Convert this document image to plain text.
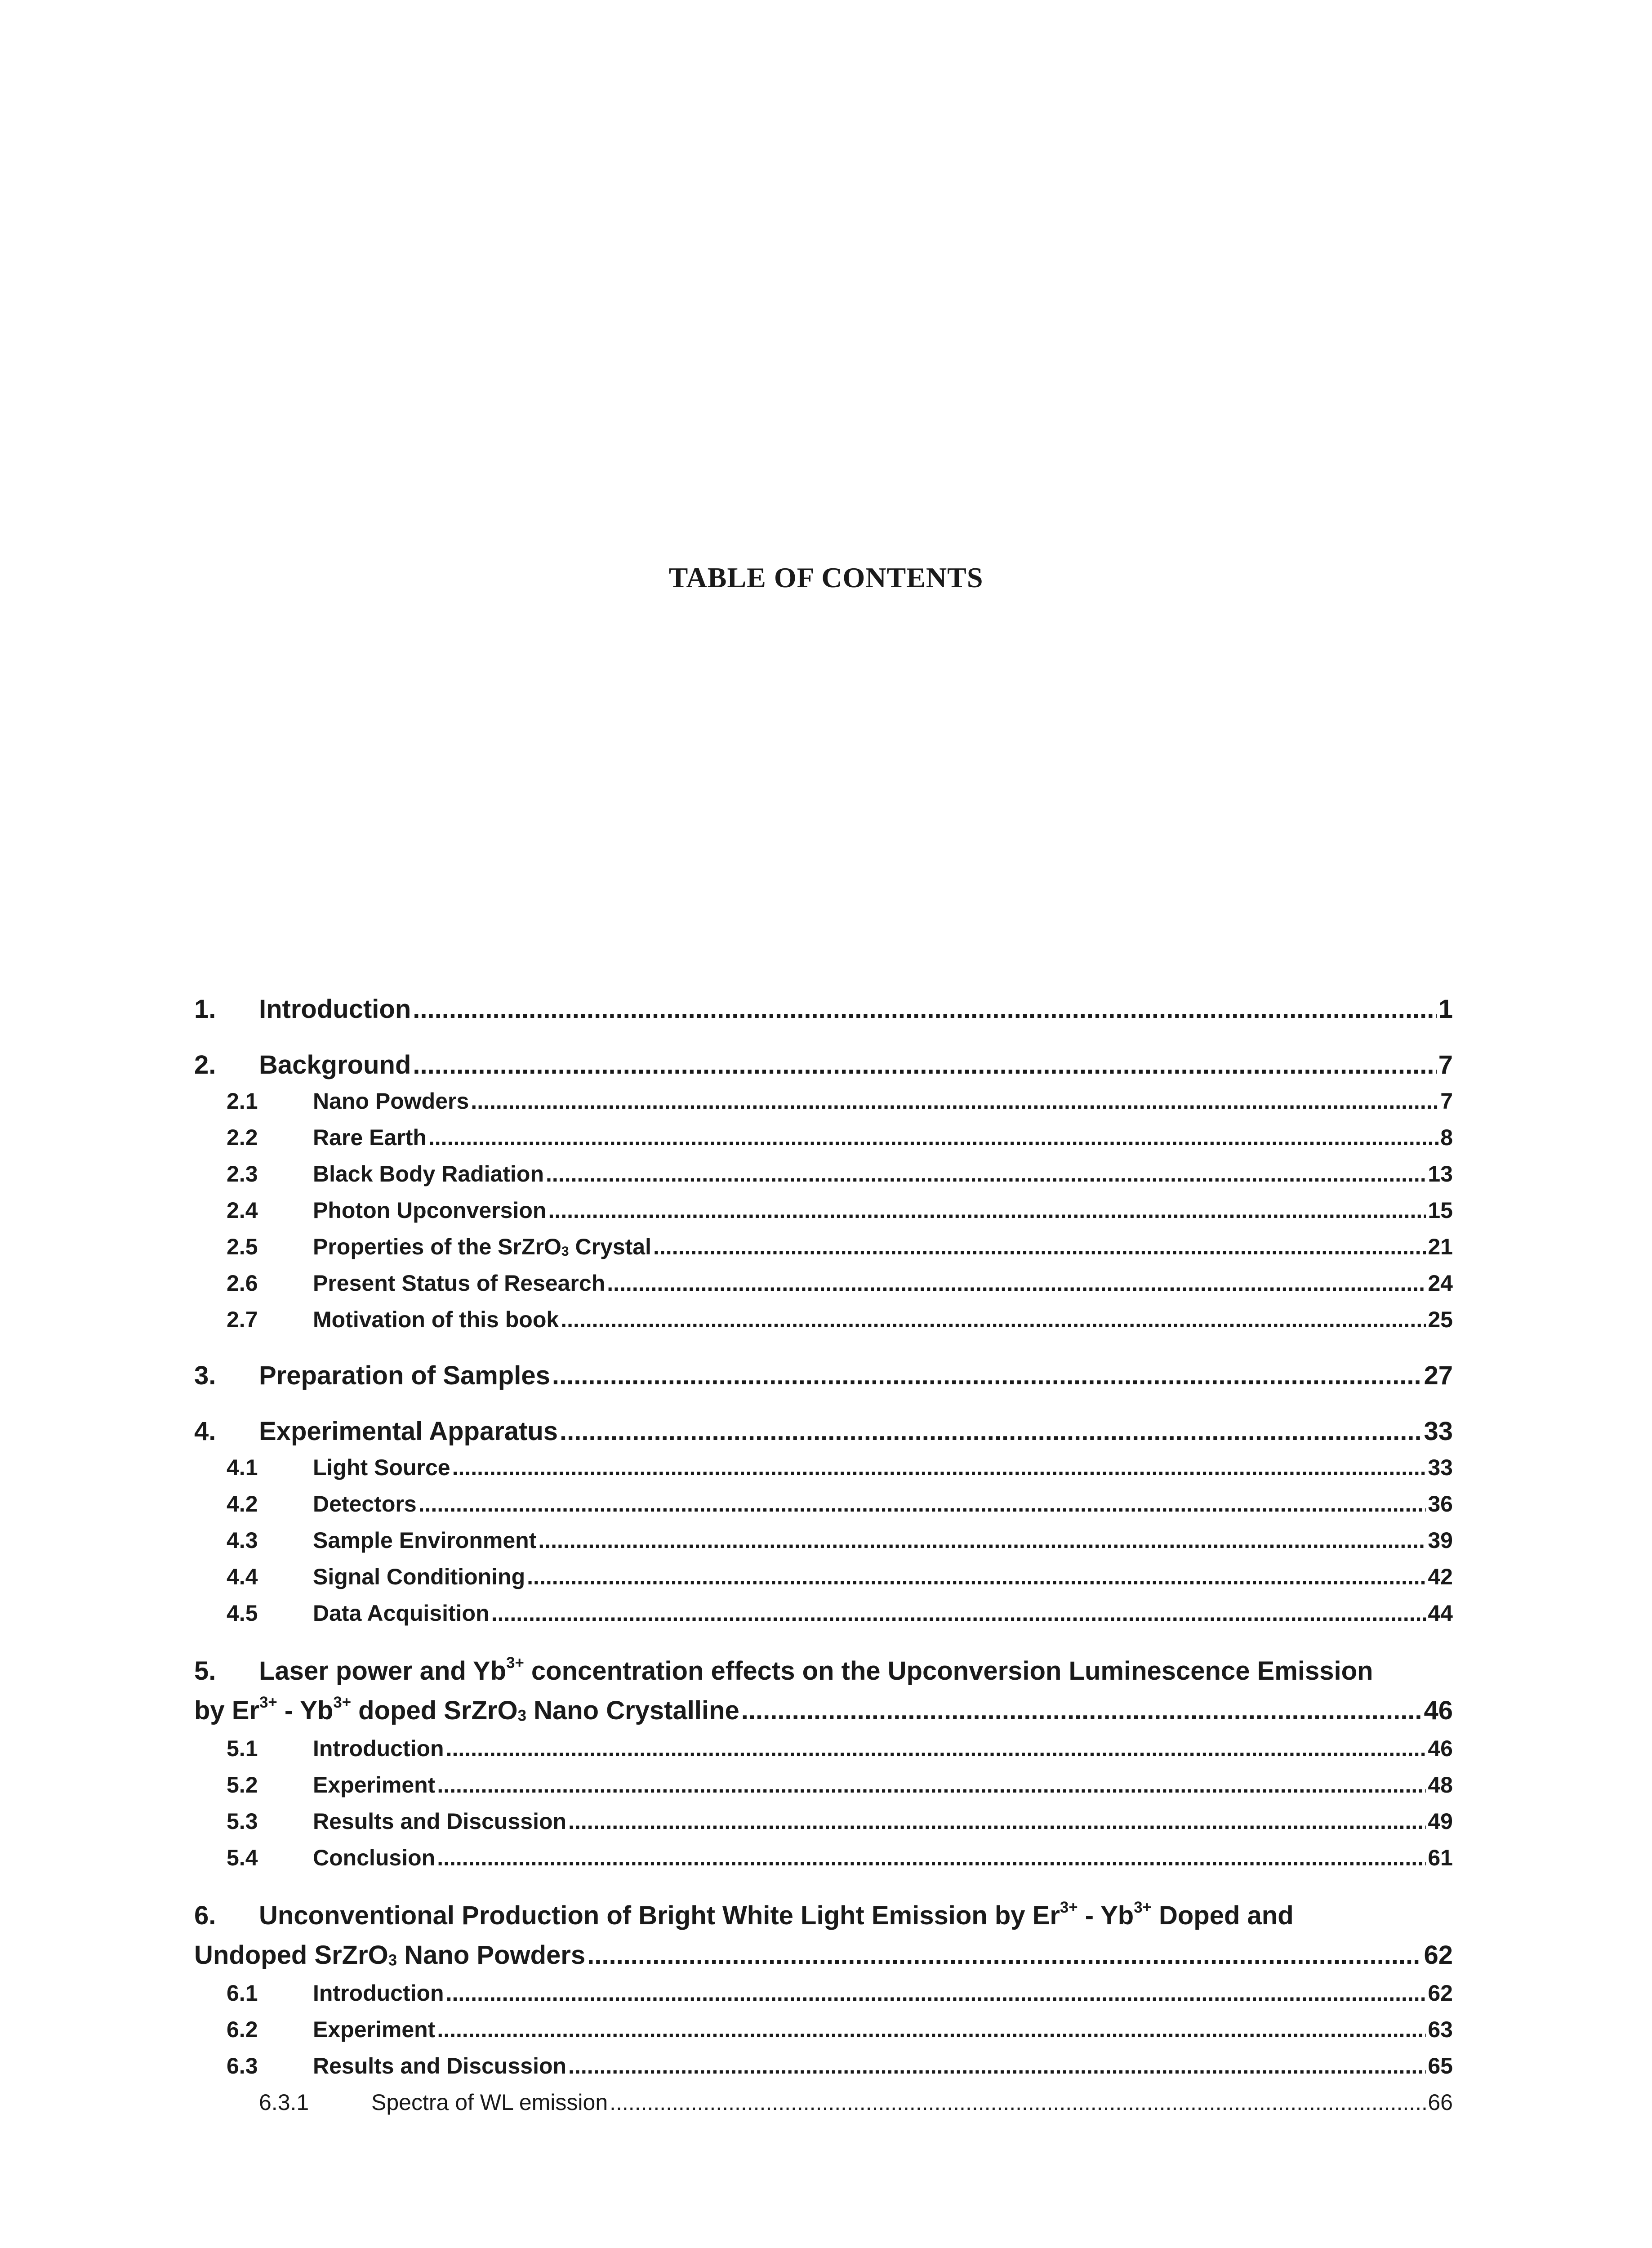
TABLE OF CONTENTS
1.	Introduction .....	1
2.	Background .....	7
2.1	Nano Powders .....	7
2.2	Rare Earth .....	8
2.3	Black Body Radiation .....	13
2.4	Photon Upconversion .....	15
2.5	Properties of the SrZrO$_3$ Crystal .....	21
2.6	Present Status of Research .....	24
2.7	Motivation of this book .....	25
3.	Preparation of Samples .....	27
4.	Experimental Apparatus .....	33
4.1	Light Source .....	33
4.2	Detectors .....	36
4.3	Sample Environment .....	39
4.4	Signal Conditioning .....	42
4.5	Data Acquisition .....	44
5.	Laser power and $Yb^{3+}$ concentration effects on the Upconversion Luminescence Emission
by $Er^{3+} - Yb^{3+}$ doped SrZrO$_3$ Nano Crystalline .....	46
5.1	Introduction .....	46
5.2	Experiment .....	48
5.3	Results and Discussion .....	49
5.4	Conclusion .....	61
6.	Unconventional Production of Bright White Light Emission by $Er^{3+} - Yb^{3+}$ Doped and
Undoped SrZrO$_3$ Nano Powders .....	62
6.1	Introduction .....	62
6.2	Experiment .....	63
6.3	Results and Discussion .....	65
6.3.1	Spectra of WL emission .....	66
